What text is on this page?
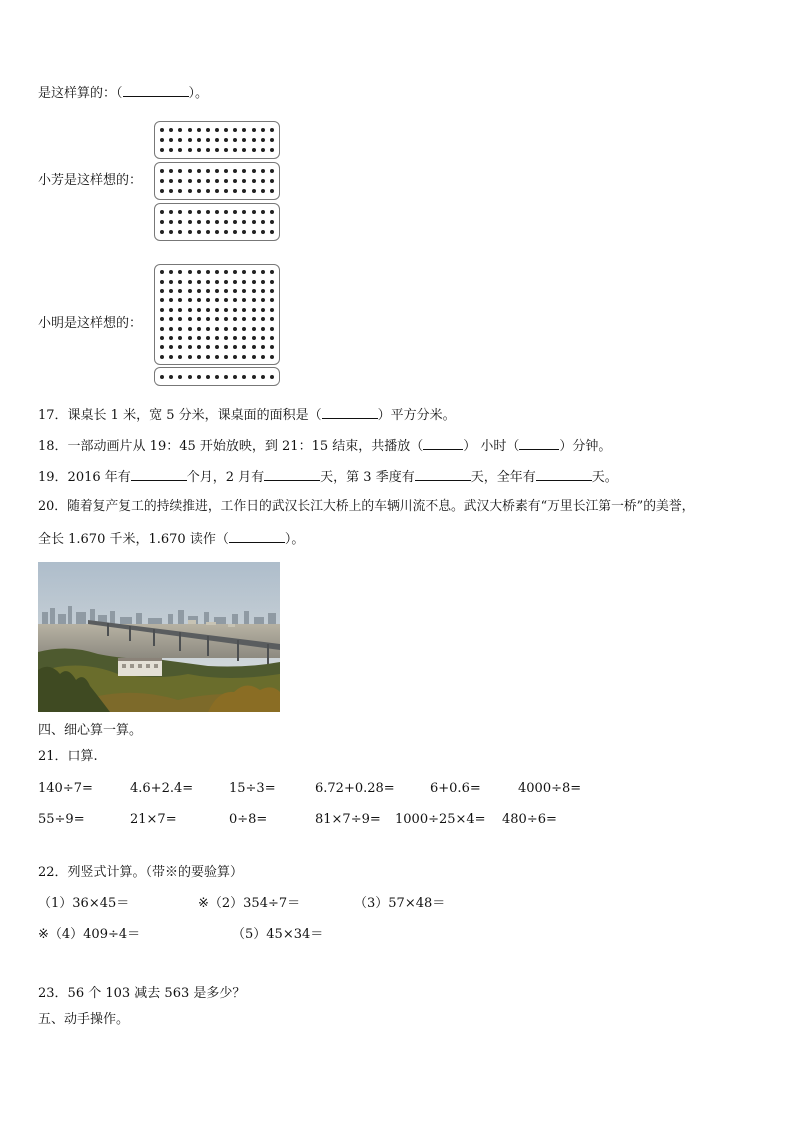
是这样算的：（	）。
小芳是这样想的：
小明是这样想的：
17．课桌长 1 米，宽 5 分米，课桌面的面积是（	）平方分米。
18．一部动画片从 19：45 开始放映，到 21：15 结束，共播放（	） 小时（	）分钟。
19．2016 年有	个月，2 月有	天，第 3 季度有	天，全年有	天。
20．随着复产复工的持续推进，工作日的武汉长江大桥上的车辆川流不息。武汉大桥素有“万里长江第一桥”的美誉，
全长 1.670 千米，1.670 读作（	）。
四、细心算一算。
21．口算.
140÷7=	4.6+2.4=	15÷3=	6.72+0.28=	6+0.6=	4000÷8=
55÷9=	21×7=	0÷8=	81×7÷9= 1000÷25×4= 480÷6=
22．列竖式计算。（带※的要验算）
（1）36×45＝	※（2）354÷7＝	（3）57×48＝
※（4）409÷4＝	（5）45×34＝
23．56 个 103 减去 563 是多少？
五、动手操作。
